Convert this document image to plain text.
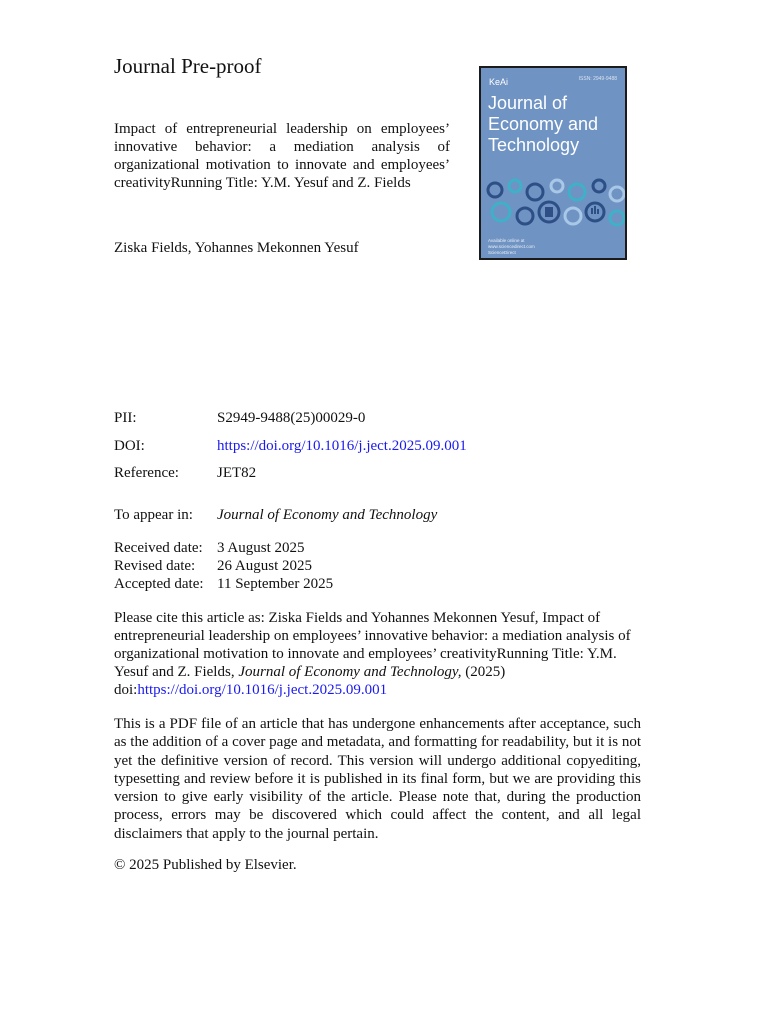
Journal Pre-proof
Impact of entrepreneurial leadership on employees’ innovative behavior: a mediation analysis of organizational motivation to innovate and employees’ creativityRunning Title: Y.M. Yesuf and Z. Fields
Ziska Fields, Yohannes Mekonnen Yesuf
KeAi	ISSN: 2949-9488
Journal of Economy and Technology
Available online at
www.sciencedirect.com
ScienceDirect
PII:	S2949-9488(25)00029-0
DOI:	https://doi.org/10.1016/j.ject.2025.09.001
Reference:	JET82
To appear in: Journal of Economy and Technology
Received date: 3 August 2025
Revised date: 26 August 2025
Accepted date: 11 September 2025
Please cite this article as: Ziska Fields and Yohannes Mekonnen Yesuf, Impact of entrepreneurial leadership on employees’ innovative behavior: a mediation analysis of organizational motivation to innovate and employees’ creativityRunning Title: Y.M. Yesuf and Z. Fields, Journal of Economy and Technology, (2025) doi:https://doi.org/10.1016/j.ject.2025.09.001
This is a PDF file of an article that has undergone enhancements after acceptance, such as the addition of a cover page and metadata, and formatting for readability, but it is not yet the definitive version of record. This version will undergo additional copyediting, typesetting and review before it is published in its final form, but we are providing this version to give early visibility of the article. Please note that, during the production process, errors may be discovered which could affect the content, and all legal disclaimers that apply to the journal pertain.
© 2025 Published by Elsevier.
